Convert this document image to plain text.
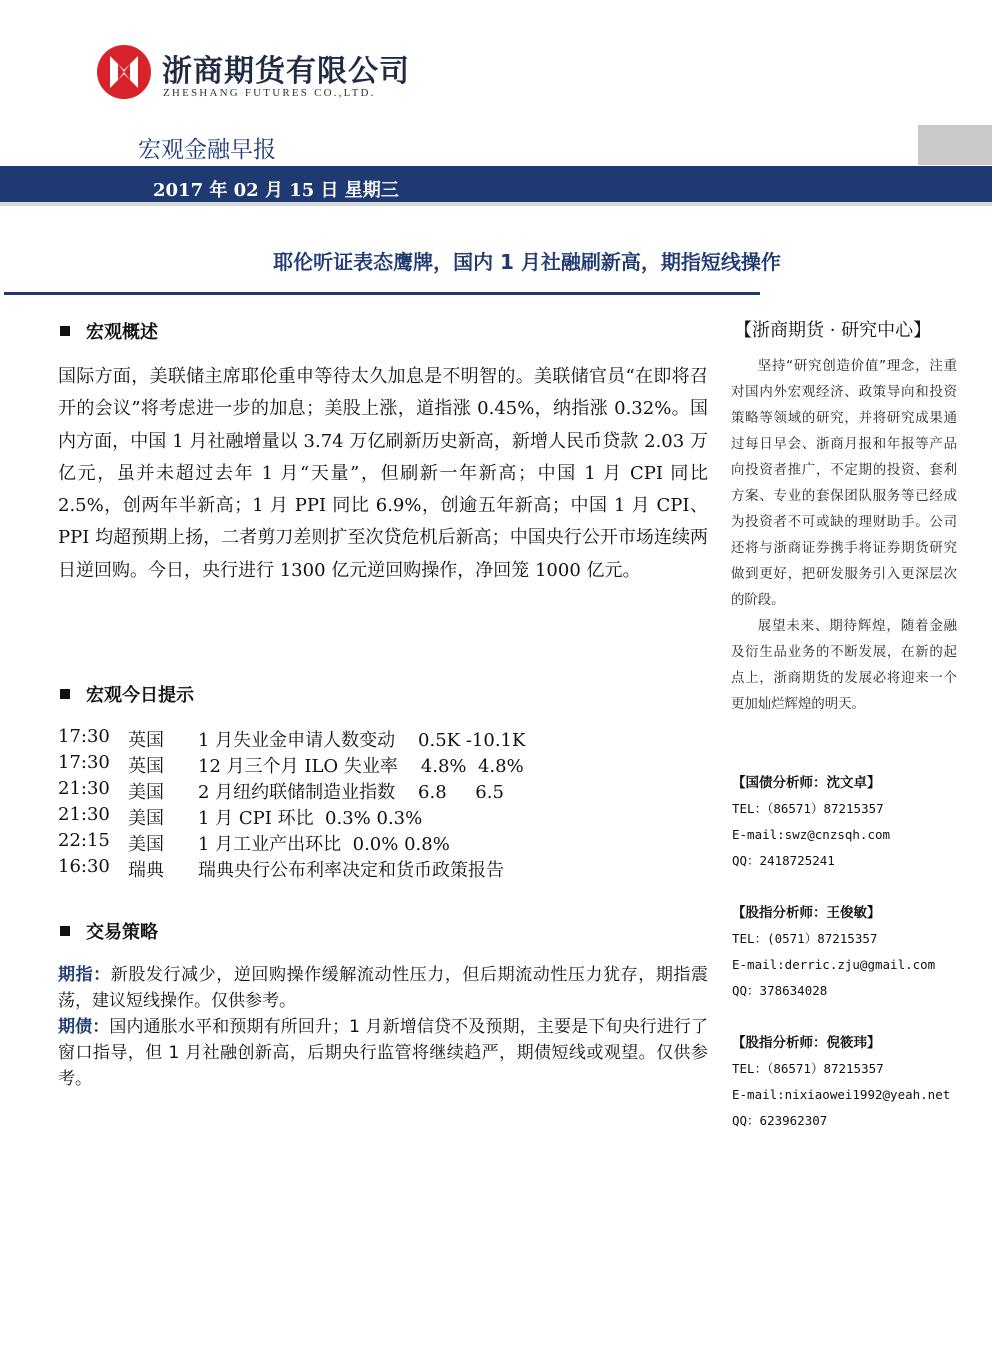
浙商期货有限公司
ZHESHANG FUTURES CO.,LTD.
宏观金融早报
2017 年 02 月 15 日 星期三
耶伦听证表态鹰牌，国内 1 月社融刷新高，期指短线操作
宏观概述
国际方面，美联储主席耶伦重申等待太久加息是不明智的。美联储官员“在即将召开的会议”将考虑进一步的加息；美股上涨，道指涨 0.45%，纳指涨 0.32%。国内方面，中国 1 月社融增量以 3.74 万亿刷新历史新高，新增人民币贷款 2.03 万亿元，虽并未超过去年 1 月“天量”，但刷新一年新高；中国 1 月 CPI 同比 2.5%，创两年半新高；1 月 PPI 同比 6.9%，创逾五年新高；中国 1 月 CPI、PPI 均超预期上扬，二者剪刀差则扩至次贷危机后新高；中国央行公开市场连续两日逆回购。今日，央行进行 1300 亿元逆回购操作，净回笼 1000 亿元。
宏观今日提示
17:30 英国 1 月失业金申请人数变动    0.5K -10.1K
17:30 英国 12 月三个月 ILO 失业率    4.8%  4.8%
21:30 美国 2 月纽约联储制造业指数    6.8     6.5
21:30 美国 1 月 CPI 环比  0.3% 0.3%
22:15 美国 1 月工业产出环比  0.0% 0.8%
16:30 瑞典 瑞典央行公布利率决定和货币政策报告
交易策略
期指：新股发行减少，逆回购操作缓解流动性压力，但后期流动性压力犹存，期指震荡，建议短线操作。仅供参考。
期债：国内通胀水平和预期有所回升；1 月新增信贷不及预期，主要是下旬央行进行了窗口指导，但 1 月社融创新高，后期央行监管将继续趋严，期债短线或观望。仅供参考。
【浙商期货 · 研究中心】
坚持“研究创造价值”理念，注重对国内外宏观经济、政策导向和投资策略等领域的研究，并将研究成果通过每日早会、浙商月报和年报等产品向投资者推广，不定期的投资、套利方案、专业的套保团队服务等已经成为投资者不可或缺的理财助手。公司还将与浙商证券携手将证券期货研究做到更好，把研发服务引入更深层次的阶段。
展望未来、期待辉煌，随着金融及衍生品业务的不断发展，在新的起点上，浙商期货的发展必将迎来一个更加灿烂辉煌的明天。
【国债分析师：沈文卓】
TEL：（86571）87215357
E-mail:swz@cnzsqh.com
QQ：2418725241
【股指分析师：王俊敏】
TEL：(0571）87215357
E-mail:derric.zju@gmail.com
QQ：378634028
【股指分析师：倪筱玮】
TEL：（86571）87215357
E-mail:nixiaowei1992@yeah.net
QQ：623962307
